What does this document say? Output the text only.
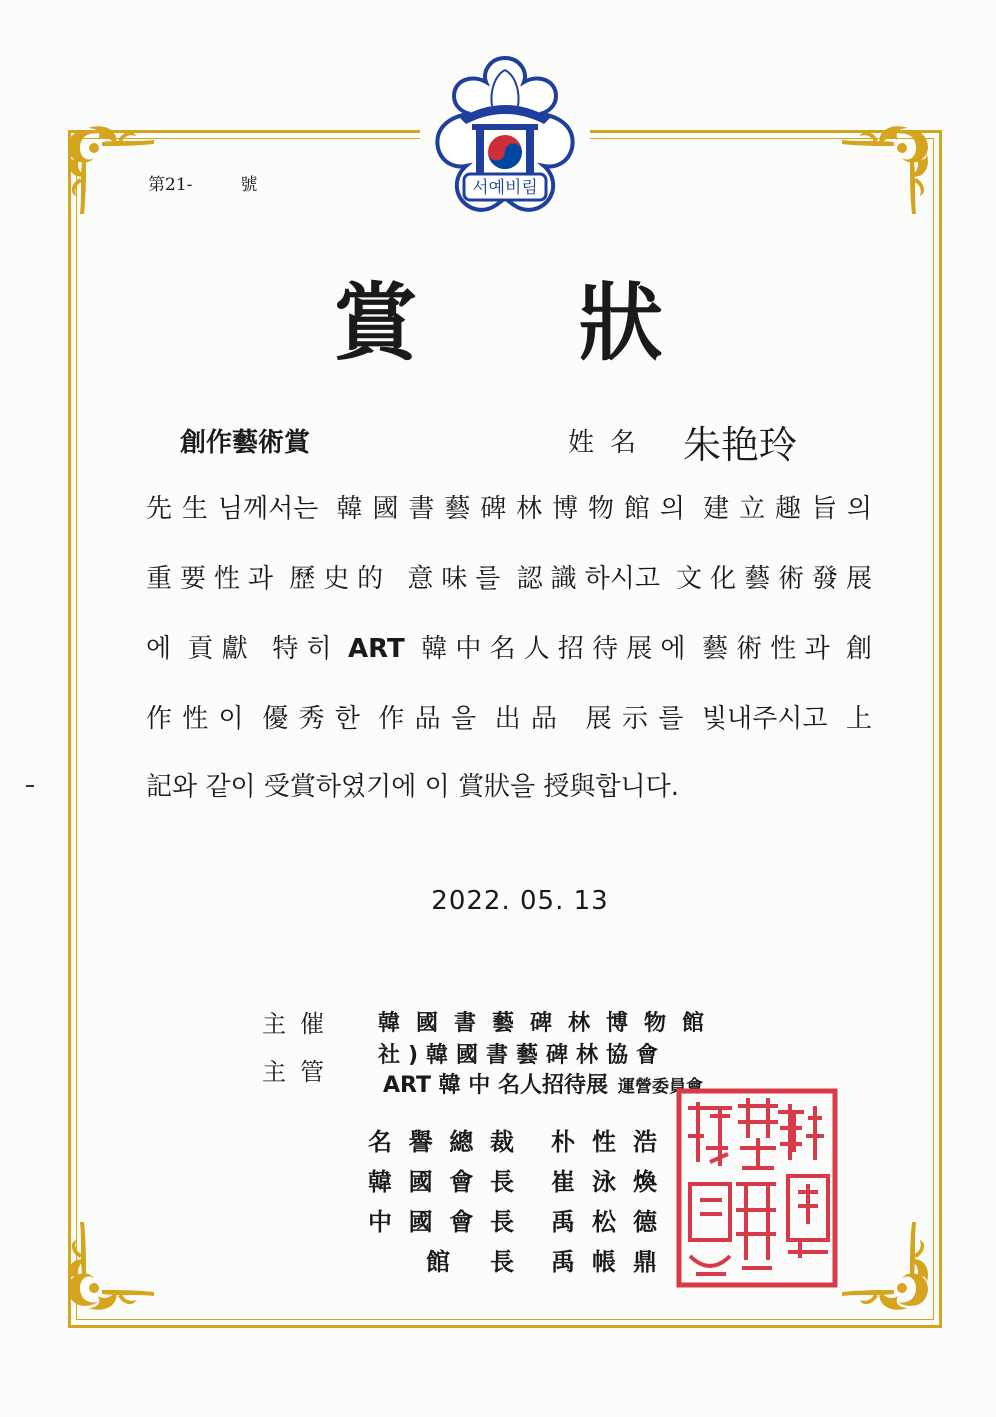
서예비림
第21-	號
賞 狀
創作藝術賞	姓名 朱艳玲
先生님께서는 韓國書藝碑林博物館의 建立趣旨의
重要性과 歷史的 意味를 認識하시고 文化藝術發展
에 貢獻 特히 ART 韓中名人招待展에 藝術性과 創
作性이 優秀한 作品을 出品 展示를 빛내주시고 上
記와 같이 受賞하였기에 이 賞狀을 授與합니다.
2022. 05. 13
主催
主管
韓國書藝碑林博物館
社)韓國書藝碑林協會
ART 韓 中 名人招待展 運營委員會
名譽總裁 朴性浩
韓國會長 崔泳煥
中國會長 禹松德
館長 禹帳鼎
